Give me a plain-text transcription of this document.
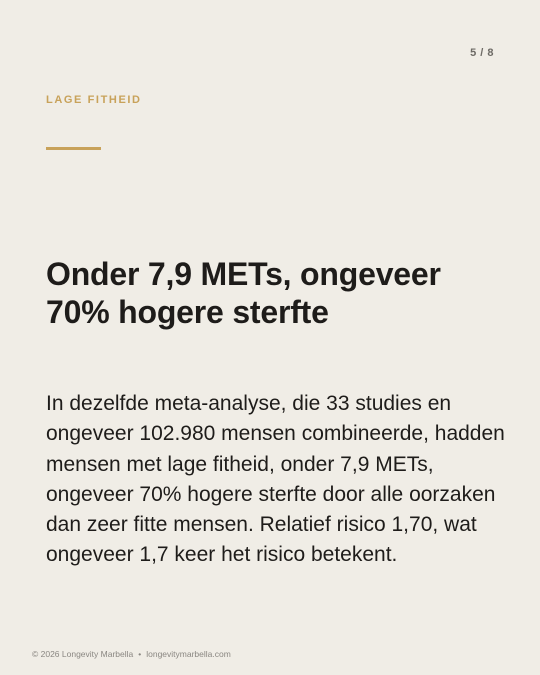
5 / 8
LAGE FITHEID
Onder 7,9 METs, ongeveer 70% hogere sterfte

In dezelfde meta-analyse, die 33 studies en ongeveer 102.980 mensen combineerde, hadden mensen met lage fitheid, onder 7,9 METs, ongeveer 70% hogere sterfte door alle oorzaken dan zeer fitte mensen. Relatief risico 1,70, wat ongeveer 1,7 keer het risico betekent.

© 2026 Longevity Marbella • longevitymarbella.com
